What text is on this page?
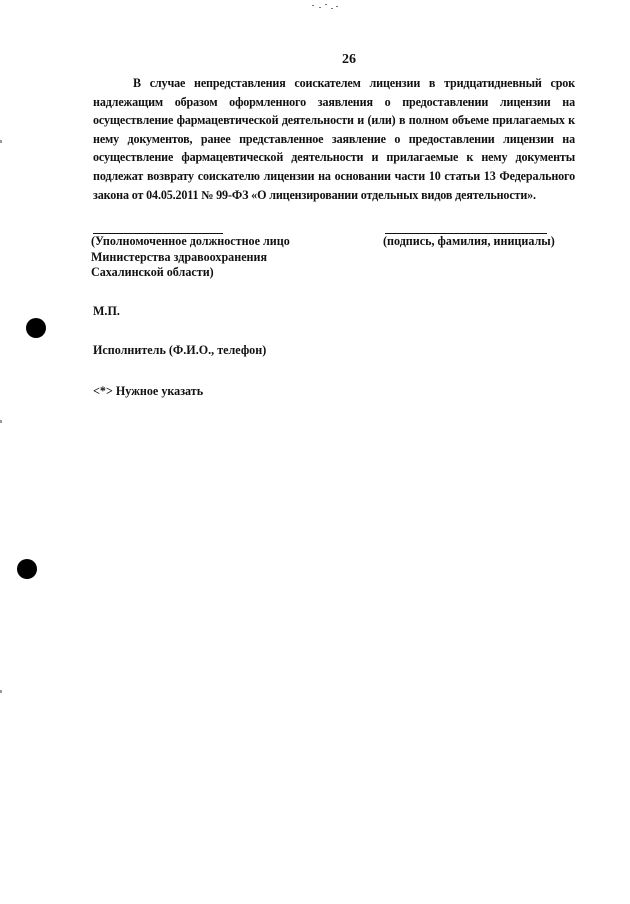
26

В случае непредставления соискателем лицензии в тридцатидневный срок надлежащим образом оформленного заявления о предоставлении лицензии на осуществление фармацевтической деятельности и (или) в полном объеме прилагаемых к нему документов, ранее представленное заявление о предоставлении лицензии на осуществление фармацевтической деятельности и прилагаемые к нему документы подлежат возврату соискателю лицензии на основании части 10 статьи 13 Федерального закона от 04.05.2011 № 99-ФЗ «О лицензировании отдельных видов деятельности».

(Уполномоченное должностное лицо
Министерства здравоохранения
Сахалинской области)
(подпись, фамилия, инициалы)

М.П.

Исполнитель (Ф.И.О., телефон)

<*> Нужное указать
